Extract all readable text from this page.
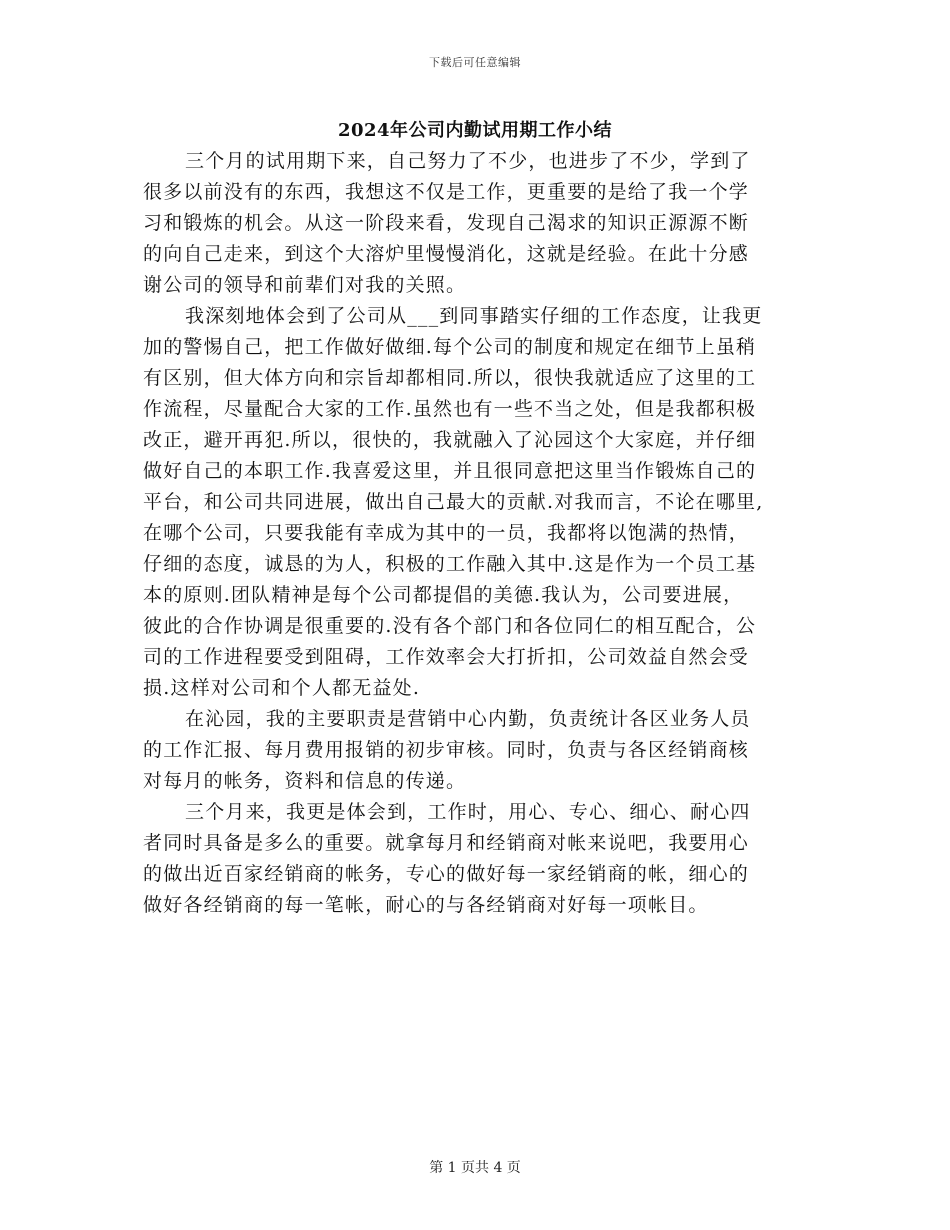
下载后可任意编辑
2024年公司内勤试用期工作小结
三个月的试用期下来，自己努力了不少，也进步了不少，学到了
很多以前没有的东西，我想这不仅是工作，更重要的是给了我一个学
习和锻炼的机会。从这一阶段来看，发现自己渴求的知识正源源不断
的向自己走来，到这个大溶炉里慢慢消化，这就是经验。在此十分感
谢公司的领导和前辈们对我的关照。
我深刻地体会到了公司从___到同事踏实仔细的工作态度，让我更
加的警惕自己，把工作做好做细.每个公司的制度和规定在细节上虽稍
有区别，但大体方向和宗旨却都相同.所以，很快我就适应了这里的工
作流程，尽量配合大家的工作.虽然也有一些不当之处，但是我都积极
改正，避开再犯.所以，很快的，我就融入了沁园这个大家庭，并仔细
做好自己的本职工作.我喜爱这里，并且很同意把这里当作锻炼自己的
平台，和公司共同进展，做出自己最大的贡献.对我而言，不论在哪里,
在哪个公司，只要我能有幸成为其中的一员，我都将以饱满的热情，
仔细的态度，诚恳的为人，积极的工作融入其中.这是作为一个员工基
本的原则.团队精神是每个公司都提倡的美德.我认为，公司要进展，
彼此的合作协调是很重要的.没有各个部门和各位同仁的相互配合，公
司的工作进程要受到阻碍，工作效率会大打折扣，公司效益自然会受
损.这样对公司和个人都无益处.
在沁园，我的主要职责是营销中心内勤，负责统计各区业务人员
的工作汇报、每月费用报销的初步审核。同时，负责与各区经销商核
对每月的帐务，资料和信息的传递。
三个月来，我更是体会到，工作时，用心、专心、细心、耐心四
者同时具备是多么的重要。就拿每月和经销商对帐来说吧，我要用心
的做出近百家经销商的帐务，专心的做好每一家经销商的帐，细心的
做好各经销商的每一笔帐，耐心的与各经销商对好每一项帐目。
第 1 页共 4 页
